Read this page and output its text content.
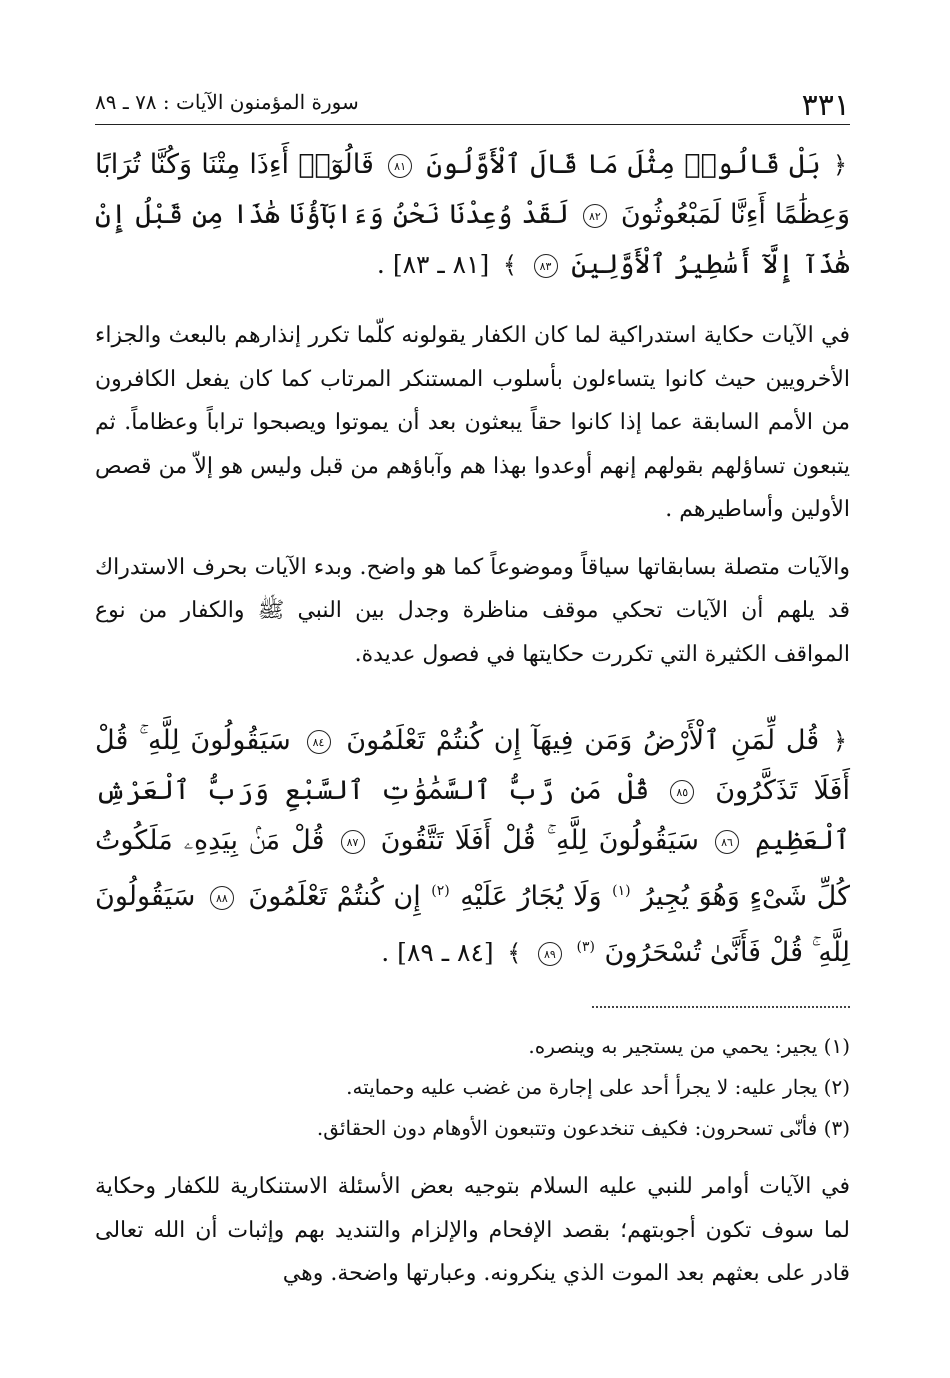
٣٣١
سورة المؤمنون الآيات : ٧٨ ـ ٨٩
﴿ بَلْ قَالُوا۟ مِثْلَ مَا قَالَ ٱلْأَوَّلُونَ ٨١ قَالُوٓا۟ أَءِذَا مِتْنَا وَكُنَّا تُرَابًا وَعِظَٰمًا أَءِنَّا لَمَبْعُوثُونَ ٨٢ لَقَدْ وُعِدْنَا نَحْنُ وَءَابَآؤُنَا هَٰذَا مِن قَبْلُ إِنْ هَٰذَآ إِلَّآ أَسَٰطِيرُ ٱلْأَوَّلِينَ ٨٣ ﴾ [٨١ ـ ٨٣] .

في الآيات حكاية استدراكية لما كان الكفار يقولونه كلّما تكرر إنذارهم بالبعث والجزاء الأخرويين حيث كانوا يتساءلون بأسلوب المستنكر المرتاب كما كان يفعل الكافرون من الأمم السابقة عما إذا كانوا حقاً يبعثون بعد أن يموتوا ويصبحوا تراباً وعظاماً. ثم يتبعون تساؤلهم بقولهم إنهم أوعدوا بهذا هم وآباؤهم من قبل وليس هو إلاّ من قصص الأولين وأساطيرهم .

والآيات متصلة بسابقاتها سياقاً وموضوعاً كما هو واضح. وبدء الآيات بحرف الاستدراك قد يلهم أن الآيات تحكي موقف مناظرة وجدل بين النبي ﷺ والكفار من نوع المواقف الكثيرة التي تكررت حكايتها في فصول عديدة.

﴿ قُل لِّمَنِ ٱلْأَرْضُ وَمَن فِيهَآ إِن كُنتُمْ تَعْلَمُونَ ٨٤ سَيَقُولُونَ لِلَّهِ ۚ قُلْ أَفَلَا تَذَكَّرُونَ ٨٥ قُلْ مَن رَّبُّ ٱلسَّمَٰوَٰتِ ٱلسَّبْعِ وَرَبُّ ٱلْعَرْشِ ٱلْعَظِيمِ ٨٦ سَيَقُولُونَ لِلَّهِ ۚ قُلْ أَفَلَا تَتَّقُونَ ٨٧ قُلْ مَنۢ بِيَدِهِۦ مَلَكُوتُ كُلِّ شَىْءٍ وَهُوَ يُجِيرُ $^{(١)}$ وَلَا يُجَارُ عَلَيْهِ $^{(٢)}$ إِن كُنتُمْ تَعْلَمُونَ ٨٨ سَيَقُولُونَ لِلَّهِ ۚ قُلْ فَأَنَّىٰ تُسْحَرُونَ $^{(٣)}$ ٨٩ ﴾ [٨٤ ـ ٨٩] .
(١) يجير: يحمي من يستجير به وينصره.
(٢) يجار عليه: لا يجرأ أحد على إجارة من غضب عليه وحمايته.
(٣) فأنّى تسحرون: فكيف تنخدعون وتتبعون الأوهام دون الحقائق.

في الآيات أوامر للنبي عليه السلام بتوجيه بعض الأسئلة الاستنكارية للكفار وحكاية لما سوف تكون أجوبتهم؛ بقصد الإفحام والإلزام والتنديد بهم وإثبات أن الله تعالى قادر على بعثهم بعد الموت الذي ينكرونه. وعبارتها واضحة. وهي
